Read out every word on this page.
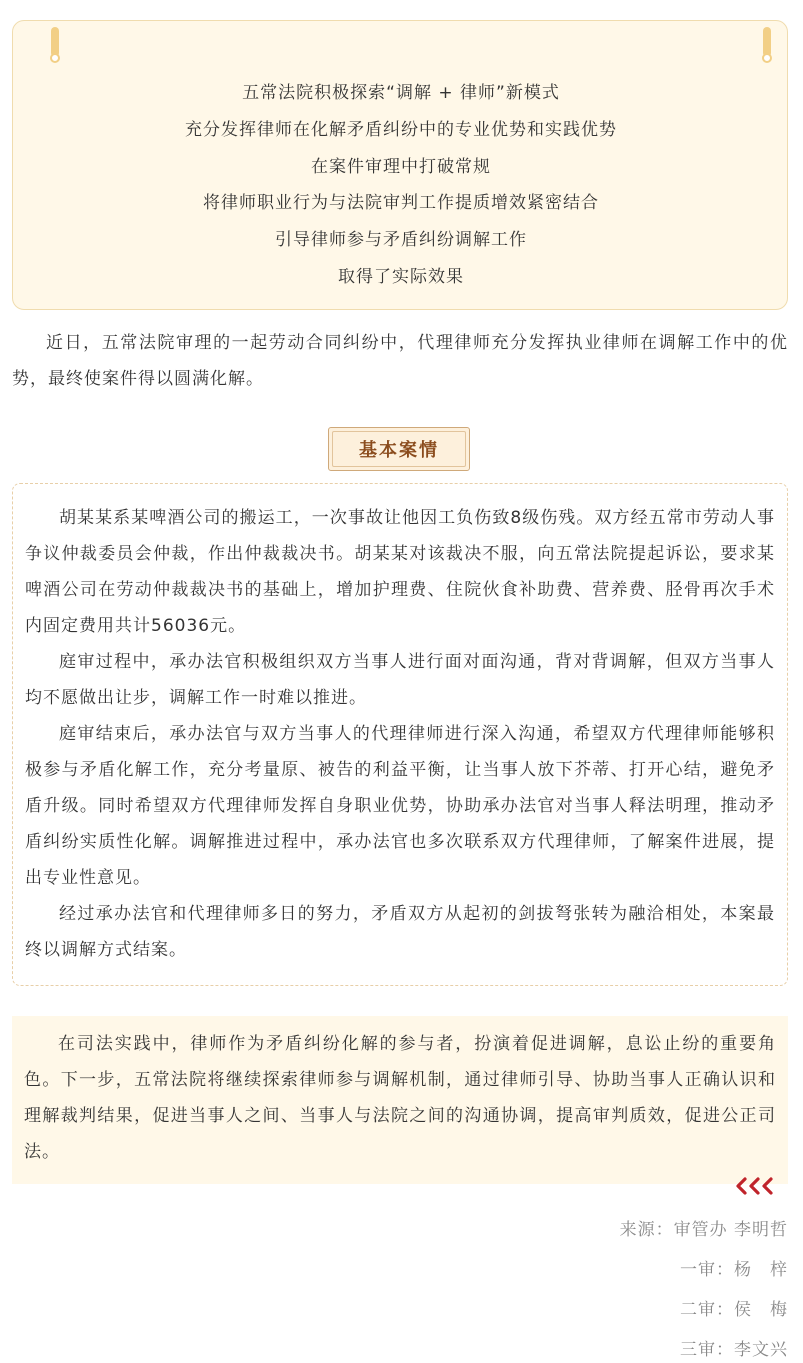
五常法院积极探索“调解 + 律师”新模式

充分发挥律师在化解矛盾纠纷中的专业优势和实践优势

在案件审理中打破常规

将律师职业行为与法院审判工作提质增效紧密结合

引导律师参与矛盾纠纷调解工作

取得了实际效果

近日，五常法院审理的一起劳动合同纠纷中，代理律师充分发挥执业律师在调解工作中的优势，最终使案件得以圆满化解。

基本案情

胡某某系某啤酒公司的搬运工，一次事故让他因工负伤致8级伤残。双方经五常市劳动人事争议仲裁委员会仲裁，作出仲裁裁决书。胡某某对该裁决不服，向五常法院提起诉讼，要求某啤酒公司在劳动仲裁裁决书的基础上，增加护理费、住院伙食补助费、营养费、胫骨再次手术内固定费用共计56036元。

庭审过程中，承办法官积极组织双方当事人进行面对面沟通，背对背调解，但双方当事人均不愿做出让步，调解工作一时难以推进。

庭审结束后，承办法官与双方当事人的代理律师进行深入沟通，希望双方代理律师能够积极参与矛盾化解工作，充分考量原、被告的利益平衡，让当事人放下芥蒂、打开心结，避免矛盾升级。同时希望双方代理律师发挥自身职业优势，协助承办法官对当事人释法明理，推动矛盾纠纷实质性化解。调解推进过程中，承办法官也多次联系双方代理律师，了解案件进展，提出专业性意见。

经过承办法官和代理律师多日的努力，矛盾双方从起初的剑拔弩张转为融洽相处，本案最终以调解方式结案。

在司法实践中，律师作为矛盾纠纷化解的参与者，扮演着促进调解，息讼止纷的重要角色。下一步，五常法院将继续探索律师参与调解机制，通过律师引导、协助当事人正确认识和理解裁判结果，促进当事人之间、当事人与法院之间的沟通协调，提高审判质效，促进公正司法。

来源：审管办 李明哲

一审：杨　梓

二审：侯　梅

三审：李文兴
